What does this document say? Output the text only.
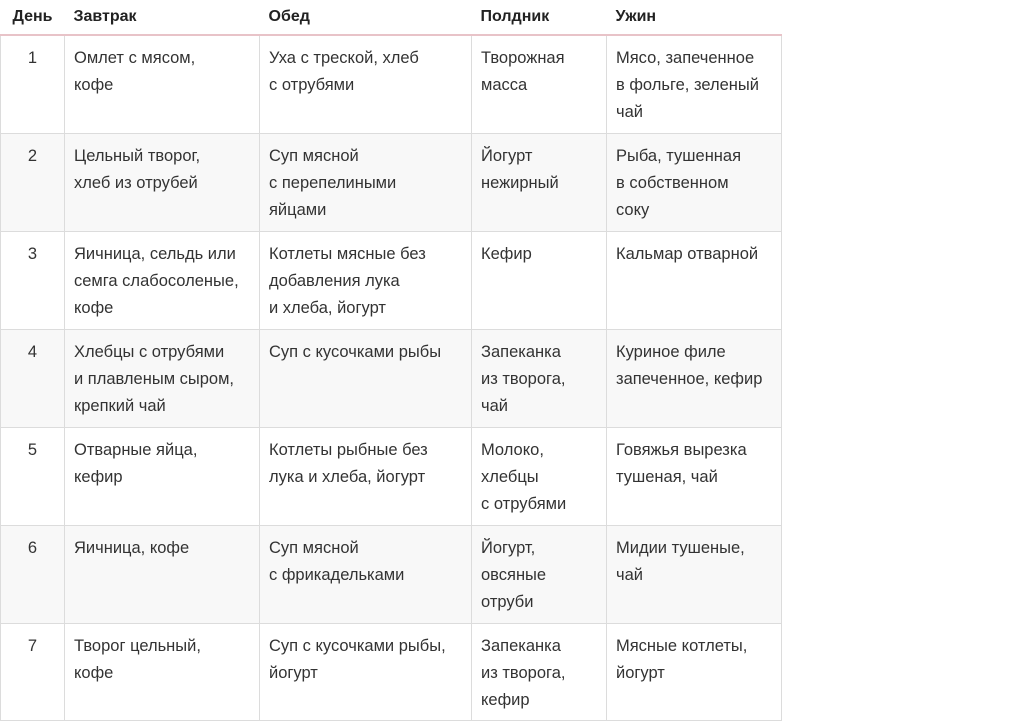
День	Завтрак	Обед	Полдник	Ужин
1	Омлет с мясом,
кофе	Уха с треской, хлеб
с отрубями	Творожная
масса	Мясо, запеченное
в фольге, зеленый
чай

2	Цельный творог,
хлеб из отрубей	Суп мясной
с перепелиными
яйцами	Йогурт
нежирный	Рыба, тушенная
в собственном
соку

3	Яичница, сельдь или
семга слабосоленые,
кофе	Котлеты мясные без
добавления лука
и хлеба, йогурт	Кефир	Кальмар отварной

4	Хлебцы с отрубями
и плавленым сыром,
крепкий чай	Суп с кусочками рыбы	Запеканка
из творога,
чай	Куриное филе
запеченное, кефир

5	Отварные яйца,
кефир	Котлеты рыбные без
лука и хлеба, йогурт	Молоко,
хлебцы
с отрубями	Говяжья вырезка
тушеная, чай

6	Яичница, кофе	Суп мясной
с фрикадельками	Йогурт,
овсяные
отруби	Мидии тушеные,
чай

7	Творог цельный,
кофе	Суп с кусочками рыбы,
йогурт	Запеканка
из творога,
кефир	Мясные котлеты,
йогурт
